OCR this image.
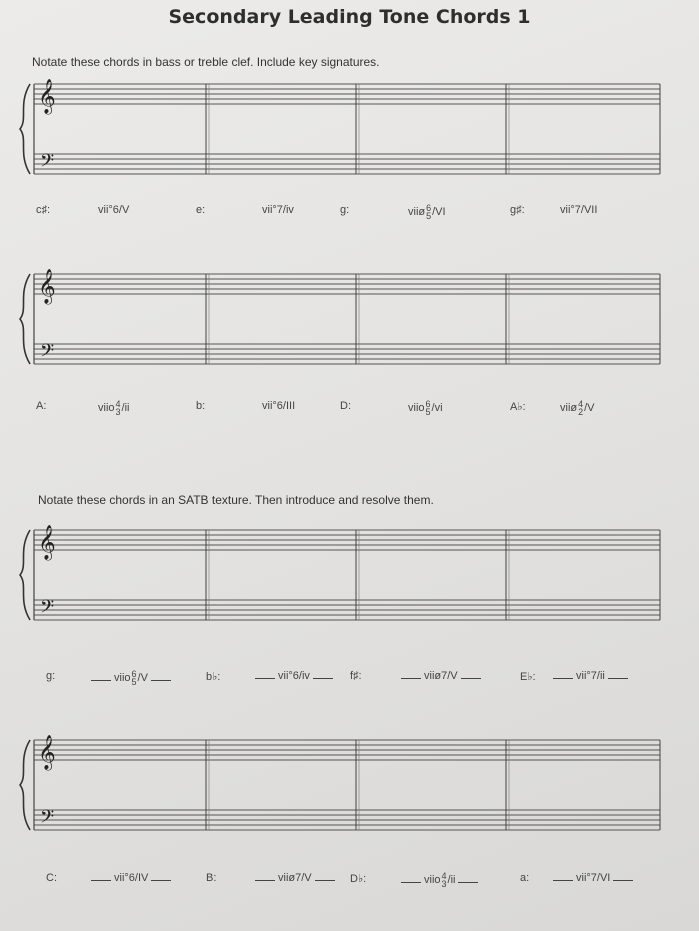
Secondary Leading Tone Chords 1
Notate these chords in bass or treble clef. Include key signatures.
Notate these chords in an SATB texture. Then introduce and resolve them.
𝄞
𝄢
c♯:	vii°6/V	e:	vii°7/iv	g:	viiø 6
5 /VI	g♯:	vii°7/VII
𝄞
𝄢
A:	viio 4
3 /ii	b:	vii°6/III	D:	viio 6
5 /vi	A♭:	viiø 4
2 /V
𝄞
𝄢
g:	viio 6
5 /V	b♭:	vii°6/iv	f♯:	viiø7/V	E♭:	vii°7/ii
𝄞
𝄢
C:	vii°6/IV	B:	viiø7/V	D♭:	viio 4
3 /ii	a:	vii°7/VI
